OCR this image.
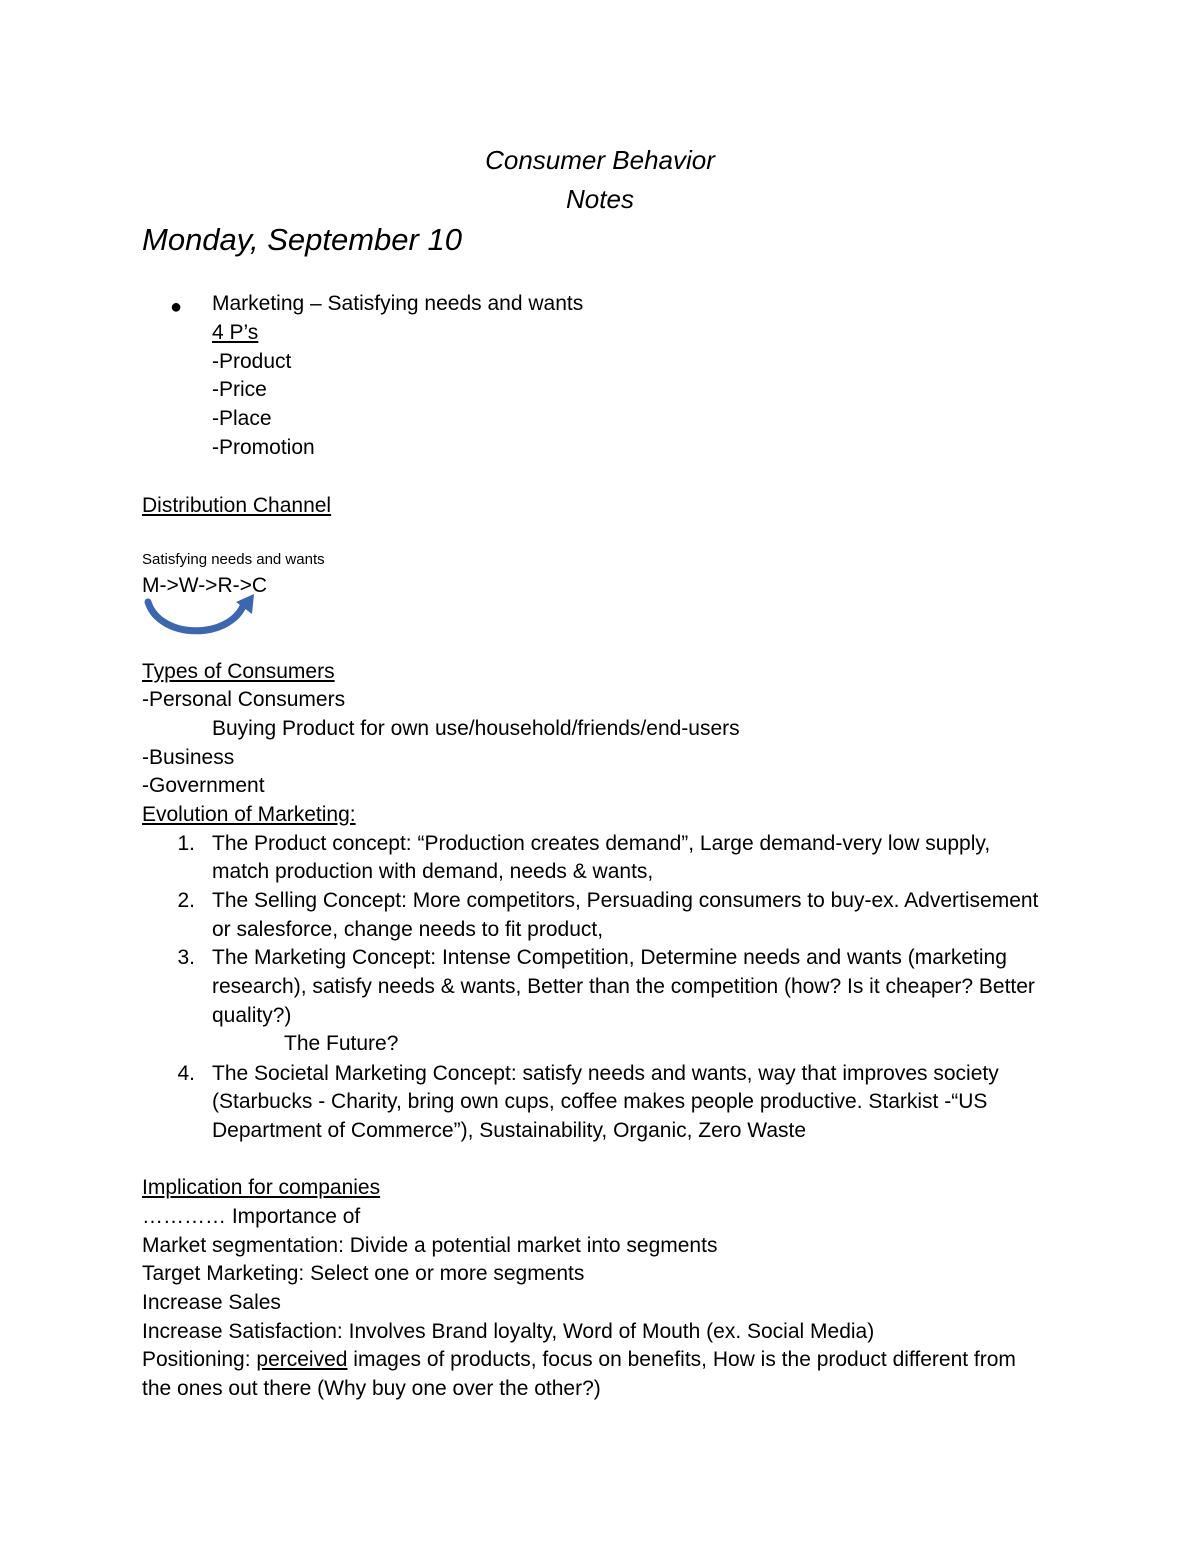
Consumer Behavior
Notes
Monday, September 10
● Marketing – Satisfying needs and wants
4 P’s
-Product
-Price
-Place
-Promotion
Distribution Channel
Satisfying needs and wants
M->W->R->C
Types of Consumers
-Personal Consumers
Buying Product for own use/household/friends/end-users
-Business
-Government
Evolution of Marketing:
1. The Product concept: “Production creates demand”, Large demand-very low supply,
match production with demand, needs & wants,
2. The Selling Concept: More competitors, Persuading consumers to buy-ex. Advertisement
or salesforce, change needs to fit product,
3. The Marketing Concept: Intense Competition, Determine needs and wants (marketing
research), satisfy needs & wants, Better than the competition (how? Is it cheaper? Better
quality?)
The Future?
4. The Societal Marketing Concept: satisfy needs and wants, way that improves society
(Starbucks - Charity, bring own cups, coffee makes people productive. Starkist -“US
Department of Commerce”), Sustainability, Organic, Zero Waste
Implication for companies
………… Importance of
Market segmentation: Divide a potential market into segments
Target Marketing: Select one or more segments
Increase Sales
Increase Satisfaction: Involves Brand loyalty, Word of Mouth (ex. Social Media)
Positioning: perceived images of products, focus on benefits, How is the product different from
the ones out there (Why buy one over the other?)
